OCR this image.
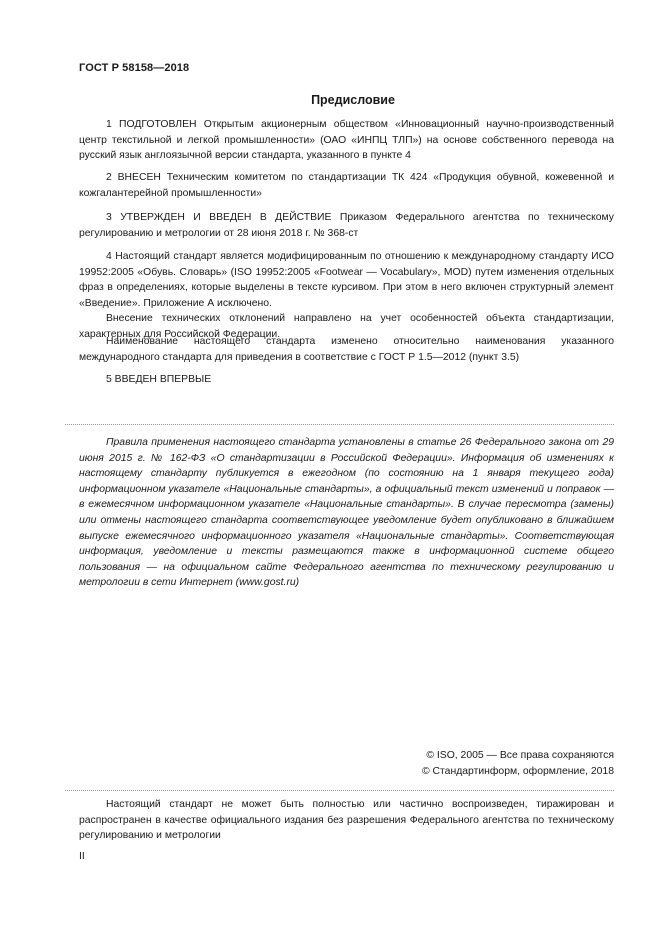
ГОСТ Р 58158—2018
Предисловие

1 ПОДГОТОВЛЕН Открытым акционерным обществом «Инновационный научно-производственный центр текстильной и легкой промышленности» (ОАО «ИНПЦ ТЛП») на основе собственного перевода на русский язык англоязычной версии стандарта, указанного в пункте 4

2 ВНЕСЕН Техническим комитетом по стандартизации ТК 424 «Продукция обувной, кожевенной и кожгалантерейной промышленности»

3 УТВЕРЖДЕН И ВВЕДЕН В ДЕЙСТВИЕ Приказом Федерального агентства по техническому регулированию и метрологии от 28 июня 2018 г. № 368-ст

4 Настоящий стандарт является модифицированным по отношению к международному стандарту ИСО 19952:2005 «Обувь. Словарь» (ISO 19952:2005 «Footwear — Vocabulary», MOD) путем изменения отдельных фраз в определениях, которые выделены в тексте курсивом. При этом в него включен структурный элемент «Введение». Приложение А исключено.

Внесение технических отклонений направлено на учет особенностей объекта стандартизации, характерных для Российской Федерации.

Наименование настоящего стандарта изменено относительно наименования указанного международного стандарта для приведения в соответствие с ГОСТ Р 1.5—2012 (пункт 3.5)

5 ВВЕДЕН ВПЕРВЫЕ

Правила применения настоящего стандарта установлены в статье 26 Федерального закона от 29 июня 2015 г. № 162-ФЗ «О стандартизации в Российской Федерации». Информация об изменениях к настоящему стандарту публикуется в ежегодном (по состоянию на 1 января текущего года) информационном указателе «Национальные стандарты», а официальный текст изменений и поправок — в ежемесячном информационном указателе «Национальные стандарты». В случае пересмотра (замены) или отмены настоящего стандарта соответствующее уведомление будет опубликовано в ближайшем выпуске ежемесячного информационного указателя «Национальные стандарты». Соответствующая информация, уведомление и тексты размещаются также в информационной системе общего пользования — на официальном сайте Федерального агентства по техническому регулированию и метрологии в сети Интернет (www.gost.ru)

© ISO, 2005 — Все права сохраняются
© Стандартинформ, оформление, 2018

Настоящий стандарт не может быть полностью или частично воспроизведен, тиражирован и распространен в качестве официального издания без разрешения Федерального агентства по техническому регулированию и метрологии

II
